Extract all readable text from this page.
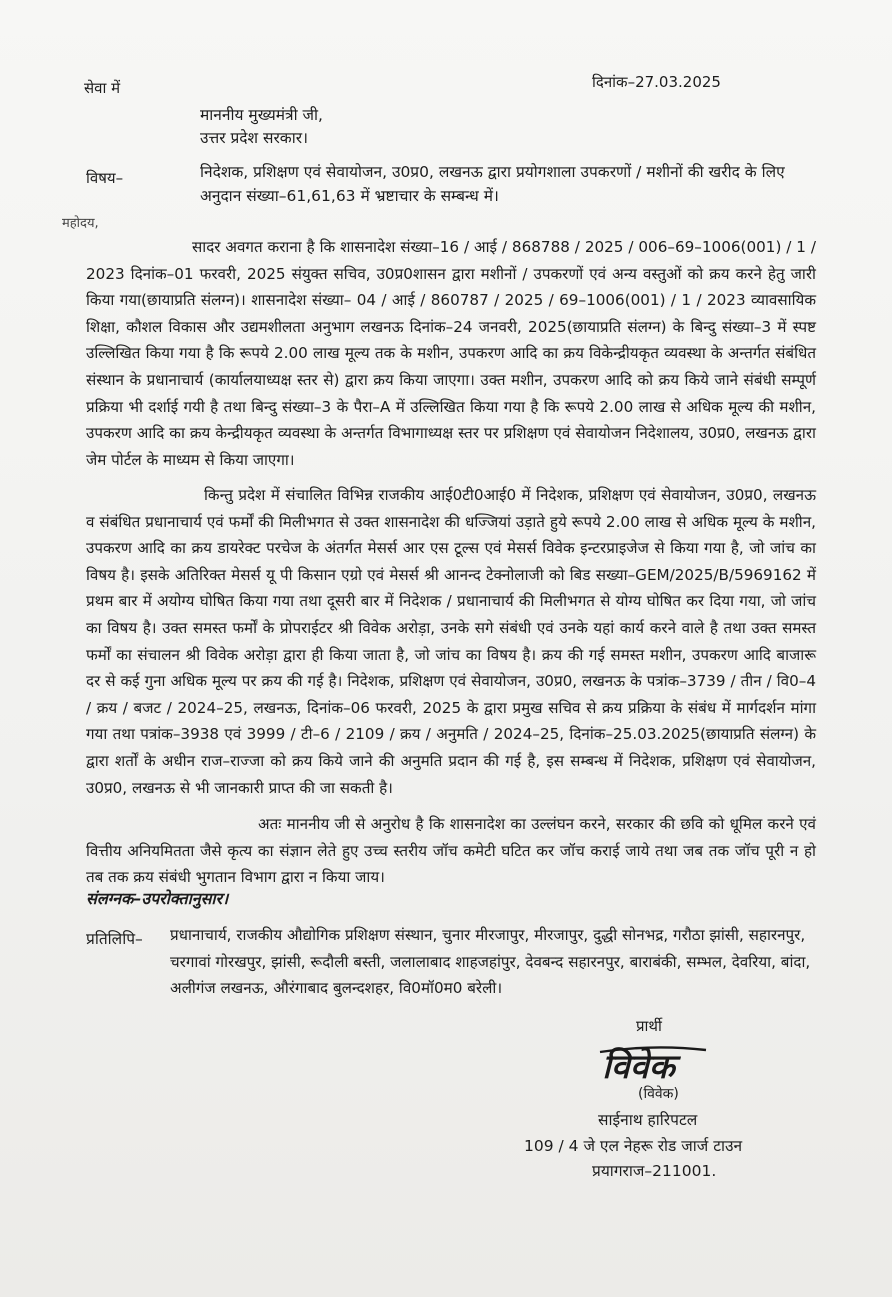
सेवा में	दिनांक–27.03.2025
माननीय मुख्यमंत्री जी,
उत्तर प्रदेश सरकार।
विषय–	निदेशक, प्रशिक्षण एवं सेवायोजन, उ0प्र0, लखनऊ द्वारा प्रयोगशाला उपकरणों / मशीनों की खरीद के लिए अनुदान संख्या–61,61,63 में भ्रष्टाचार के सम्बन्ध में।
महोदय,
सादर अवगत कराना है कि शासनादेश संख्या–16 / आई / 868788 / 2025 / 006–69–1006(001) / 1 / 2023 दिनांक–01 फरवरी, 2025 संयुक्त सचिव, उ0प्र0शासन द्वारा मशीनों / उपकरणों एवं अन्य वस्तुओं को क्रय करने हेतु जारी किया गया(छायाप्रति संलग्न)। शासनादेश संख्या– 04 / आई / 860787 / 2025 / 69–1006(001) / 1 / 2023 व्यावसायिक शिक्षा, कौशल विकास और उद्यमशीलता अनुभाग लखनऊ दिनांक–24 जनवरी, 2025(छायाप्रति संलग्न) के बिन्दु संख्या–3 में स्पष्ट उल्लिखित किया गया है कि रूपये 2.00 लाख मूल्य तक के मशीन, उपकरण आदि का क्रय विकेन्द्रीयकृत व्यवस्था के अन्तर्गत संबंधित संस्थान के प्रधानाचार्य (कार्यालयाध्यक्ष स्तर से) द्वारा क्रय किया जाएगा। उक्त मशीन, उपकरण आदि को क्रय किये जाने संबंधी सम्पूर्ण प्रक्रिया भी दर्शाई गयी है तथा बिन्दु संख्या–3 के पैरा–A में उल्लिखित किया गया है कि रूपये 2.00 लाख से अधिक मूल्य की मशीन, उपकरण आदि का क्रय केन्द्रीयकृत व्यवस्था के अन्तर्गत विभागाध्यक्ष स्तर पर प्रशिक्षण एवं सेवायोजन निदेशालय, उ0प्र0, लखनऊ द्वारा जेम पोर्टल के माध्यम से किया जाएगा।
किन्तु प्रदेश में संचालित विभिन्न राजकीय आई0टी0आई0 में निदेशक, प्रशिक्षण एवं सेवायोजन, उ0प्र0, लखनऊ व संबंधित प्रधानाचार्य एवं फर्मों की मिलीभगत से उक्त शासनादेश की धज्जियां उड़ाते हुये रूपये 2.00 लाख से अधिक मूल्य के मशीन, उपकरण आदि का क्रय डायरेक्ट परचेज के अंतर्गत मेसर्स आर एस टूल्स एवं मेसर्स विवेक इन्टरप्राइजेज से किया गया है, जो जांच का विषय है। इसके अतिरिक्त मेसर्स यू पी किसान एग्रो एवं मेसर्स श्री आनन्द टेक्नोलाजी को बिड सख्या–GEM/2025/B/5969162 में प्रथम बार में अयोग्य घोषित किया गया तथा दूसरी बार में निदेशक / प्रधानाचार्य की मिलीभगत से योग्य घोषित कर दिया गया, जो जांच का विषय है। उक्त समस्त फर्मों के प्रोपराईटर श्री विवेक अरोड़ा, उनके सगे संबंधी एवं उनके यहां कार्य करने वाले है तथा उक्त समस्त फर्मों का संचालन श्री विवेक अरोड़ा द्वारा ही किया जाता है, जो जांच का विषय है। क्रय की गई समस्त मशीन, उपकरण आदि बाजारू दर से कई गुना अधिक मूल्य पर क्रय की गई है। निदेशक, प्रशिक्षण एवं सेवायोजन, उ0प्र0, लखनऊ के पत्रांक–3739 / तीन / वि0–4 / क्रय / बजट / 2024–25, लखनऊ, दिनांक–06 फरवरी, 2025 के द्वारा प्रमुख सचिव से क्रय प्रक्रिया के संबंध में मार्गदर्शन मांगा गया तथा पत्रांक–3938 एवं 3999 / टी–6 / 2109 / क्रय / अनुमति / 2024–25, दिनांक–25.03.2025(छायाप्रति संलग्न) के द्वारा शर्तों के अधीन राज–राज्जा को क्रय किये जाने की अनुमति प्रदान की गई है, इस सम्बन्ध में निदेशक, प्रशिक्षण एवं सेवायोजन, उ0प्र0, लखनऊ से भी जानकारी प्राप्त की जा सकती है।
अतः माननीय जी से अनुरोध है कि शासनादेश का उल्लंघन करने, सरकार की छवि को धूमिल करने एवं वित्तीय अनियमितता जैसे कृत्य का संज्ञान लेते हुए उच्च स्तरीय जॉच कमेटी घटित कर जॉच कराई जाये तथा जब तक जॉच पूरी न हो तब तक क्रय संबंधी भुगतान विभाग द्वारा न किया जाय।
संलग्नक–उपरोक्तानुसार।
प्रतिलिपि– प्रधानाचार्य, राजकीय औद्योगिक प्रशिक्षण संस्थान, चुनार मीरजापुर, मीरजापुर, दुद्धी सोनभद्र, गरौठा झांसी, सहारनपुर, चरगावां गोरखपुर, झांसी, रूदौली बस्ती, जलालाबाद शाहजहांपुर, देवबन्द सहारनपुर, बाराबंकी, सम्भल, देवरिया, बांदा, अलीगंज लखनऊ, औरंगाबाद बुलन्दशहर, वि0मॉ0म0 बरेली।
प्रार्थी
विवेक
(विवेक)
साईनाथ हारिपटल
109 / 4 जे एल नेहरू रोड जार्ज टाउन
प्रयागराज–211001.
